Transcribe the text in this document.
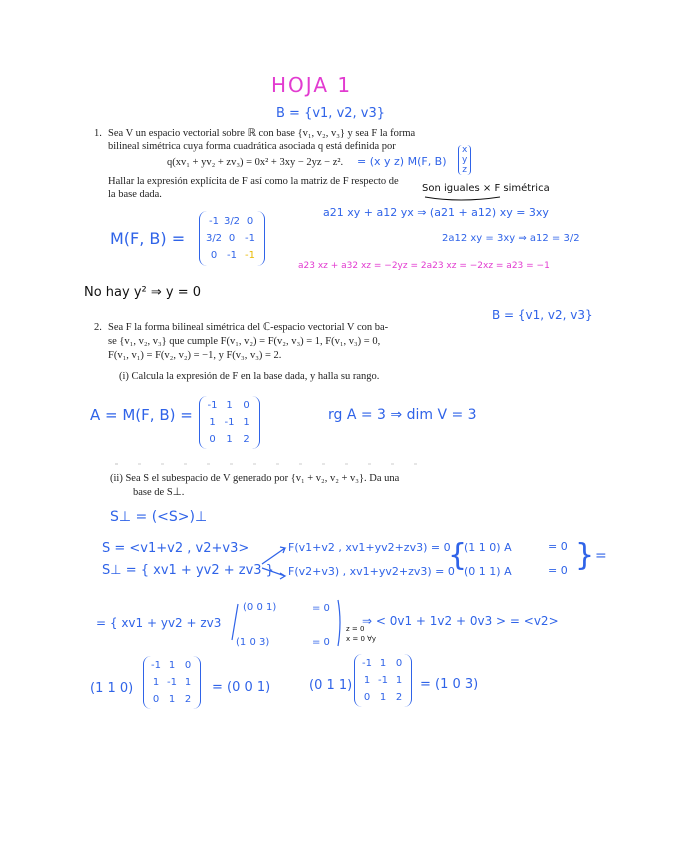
HOJA 1
B = {v1, v2, v3}
1. Sea V un espacio vectorial sobre ℝ con base {v₁, v₂, v₃} y sea F la forma
bilineal simétrica cuya forma cuadrática asociada q está definida por
q(xv₁ + yv₂ + zv₃) = 0x² + 3xy − 2yz − z². = (x y z) M(F, B)
x
y
z
Hallar la expresión explícita de F así como la matriz de F respecto de
la base dada.
Son iguales × F simétrica
a21 xy + a12 yx ⇒ (a21 + a12) xy = 3xy
2a12 xy = 3xy ⇒ a12 = 3/2
a23 xz + a32 xz = −2yz = 2a23 xz = −2xz = a23 = −1
M(F, B) =
-1 3/2 0
3/2 0 -1
0 -1 -1
No hay y² ⇒ y = 0
B = {v1, v2, v3}
2. Sea F la forma bilineal simétrica del ℂ-espacio vectorial V con ba-
se {v₁, v₂, v₃} que cumple F(v₁, v₂) = F(v₂, v₃) = 1, F(v₁, v₃) = 0,
F(v₁, v₁) = F(v₂, v₂) = −1, y F(v₃, v₃) = 2.
(i) Calcula la expresión de F en la base dada, y halla su rango.
A = M(F, B) =
-1 1 0
1 -1 1
0 1 2
rg A = 3 ⇒ dim V = 3
(ii) Sea S el subespacio de V generado por {v₁ + v₂, v₂ + v₃}. Da una
base de S⊥.
S⊥ = (<S>)⊥
S = <v1+v2 , v2+v3>
S⊥ = { xv1 + yv2 + zv3 }
F(v1+v2 , xv1+yv2+zv3) = 0
F(v2+v3) , xv1+yv2+zv3) = 0
{
(1 1 0) A
(0 1 1) A
= 0
= 0 } =
= { xv1 + yv2 + zv3
(0 0 1)
(1 0 3)
= 0
= 0
z = 0
x = 0 ∀y
⇒ < 0v1 + 1v2 + 0v3 > = <v2>
(1 1 0)
-1 1 0
1 -1 1
0 1 2
= (0 0 1)	(0 1 1)
-1 1 0
1 -1 1
0 1 2
= (1 0 3)
